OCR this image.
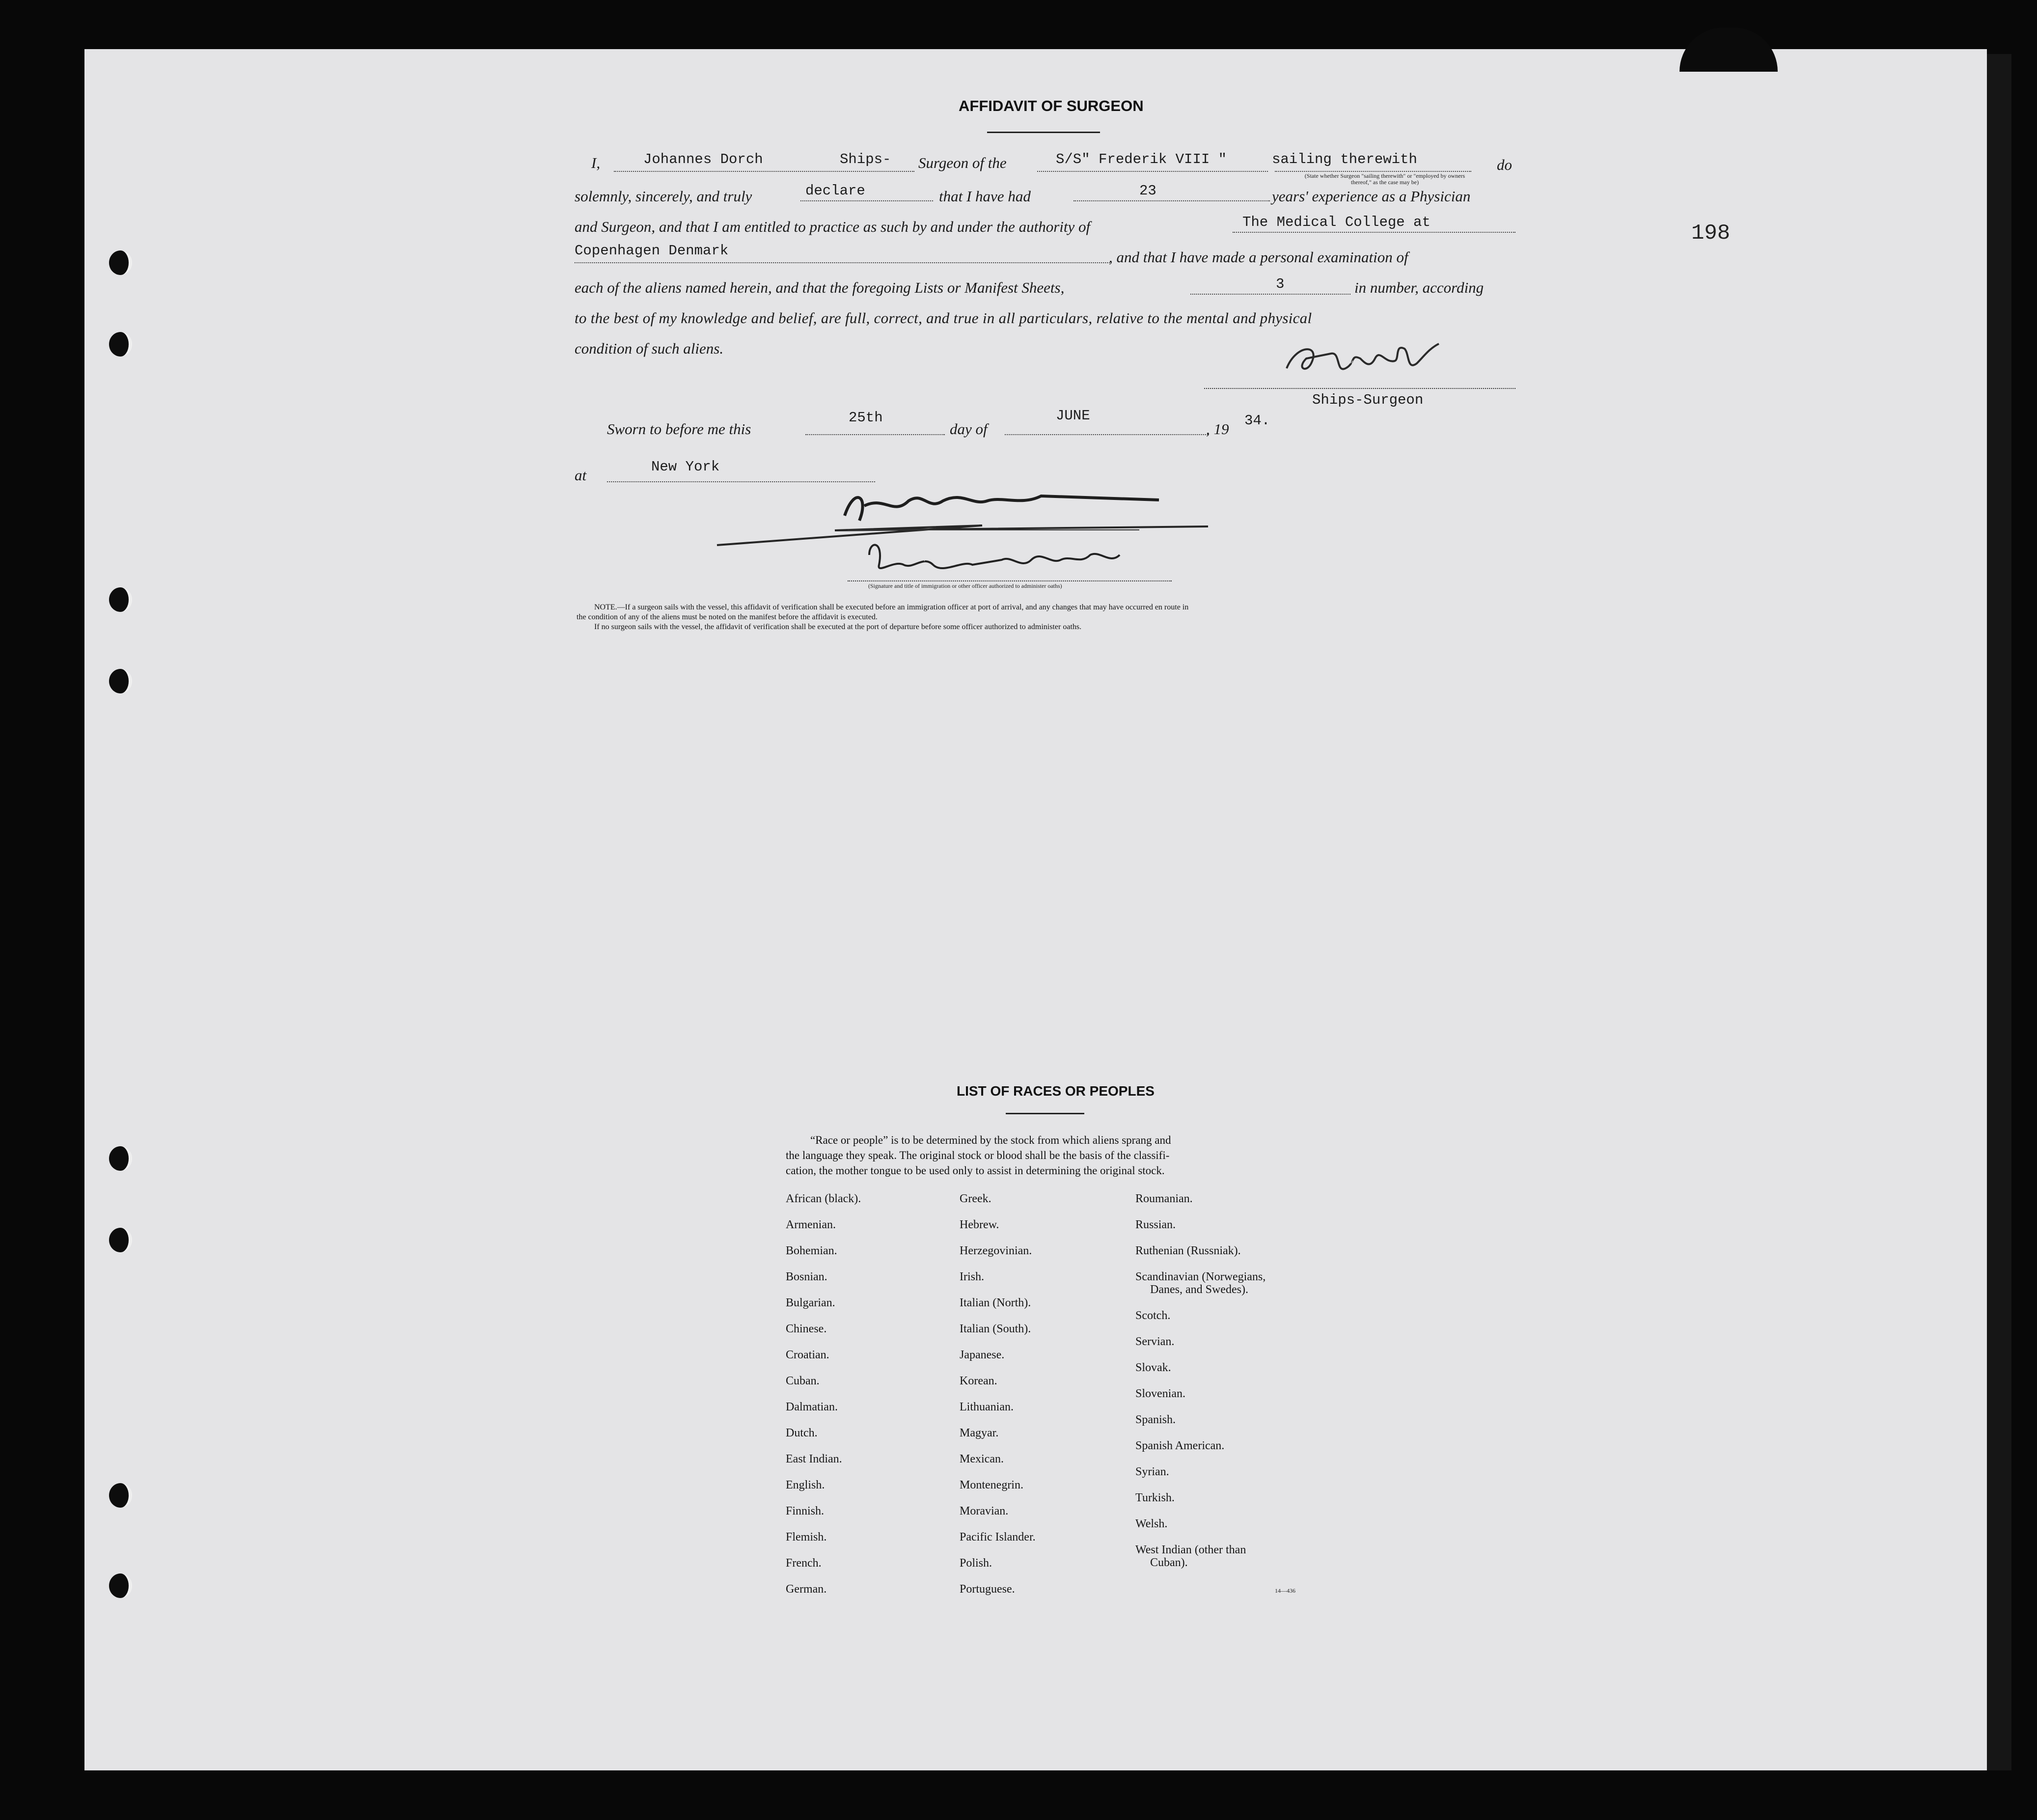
198
AFFIDAVIT OF SURGEON
I,	Johannes Dorch	Ships- Surgeon of the	S/S" Frederik VIII "	sailing therewith	do
(State whether Surgeon "sailing therewith" or "employed by owners thereof," as the case may be)
solemnly, sincerely, and truly	declare	that I have had	23	years' experience as a Physician
and Surgeon, and that I am entitled to practice as such by and under the authority of	The Medical College at
Copenhagen Denmark	, and that I have made a personal examination of
each of the aliens named herein, and that the foregoing Lists or Manifest Sheets,	3	in number, according
to the best of my knowledge and belief, are full, correct, and true in all particulars, relative to the mental and physical
condition of such aliens.
ADorch
Ships-Surgeon
Sworn to before me this
25th
day of
JUNE
, 19 34.
at	New York
John Ottosen
Imm. Inspector
(Signature and title of immigration or other officer authorized to administer oaths)
NOTE.—If a surgeon sails with the vessel, this affidavit of verification shall be executed before an immigration officer at port of arrival, and any changes that may have occurred en route in
the condition of any of the aliens must be noted on the manifest before the affidavit is executed.
If no surgeon sails with the vessel, the affidavit of verification shall be executed at the port of departure before some officer authorized to administer oaths.
LIST OF RACES OR PEOPLES
“Race or people” is to be determined by the stock from which aliens sprang and
the language they speak. The original stock or blood shall be the basis of the classifi-
cation, the mother tongue to be used only to assist in determining the original stock.
African (black).
Armenian.
Bohemian.
Bosnian.
Bulgarian.
Chinese.
Croatian.
Cuban.
Dalmatian.
Dutch.
East Indian.
English.
Finnish.
Flemish.
French.
German.
Greek.
Hebrew.
Herzegovinian.
Irish.
Italian (North).
Italian (South).
Japanese.
Korean.
Lithuanian.
Magyar.
Mexican.
Montenegrin.
Moravian.
Pacific Islander.
Polish.
Portuguese.
Roumanian.
Russian.
Ruthenian (Russniak).
Scandinavian (Norwegians,
Danes, and Swedes).
Scotch.
Servian.
Slovak.
Slovenian.
Spanish.
Spanish American.
Syrian.
Turkish.
Welsh.
West Indian (other than
Cuban).
14—436
